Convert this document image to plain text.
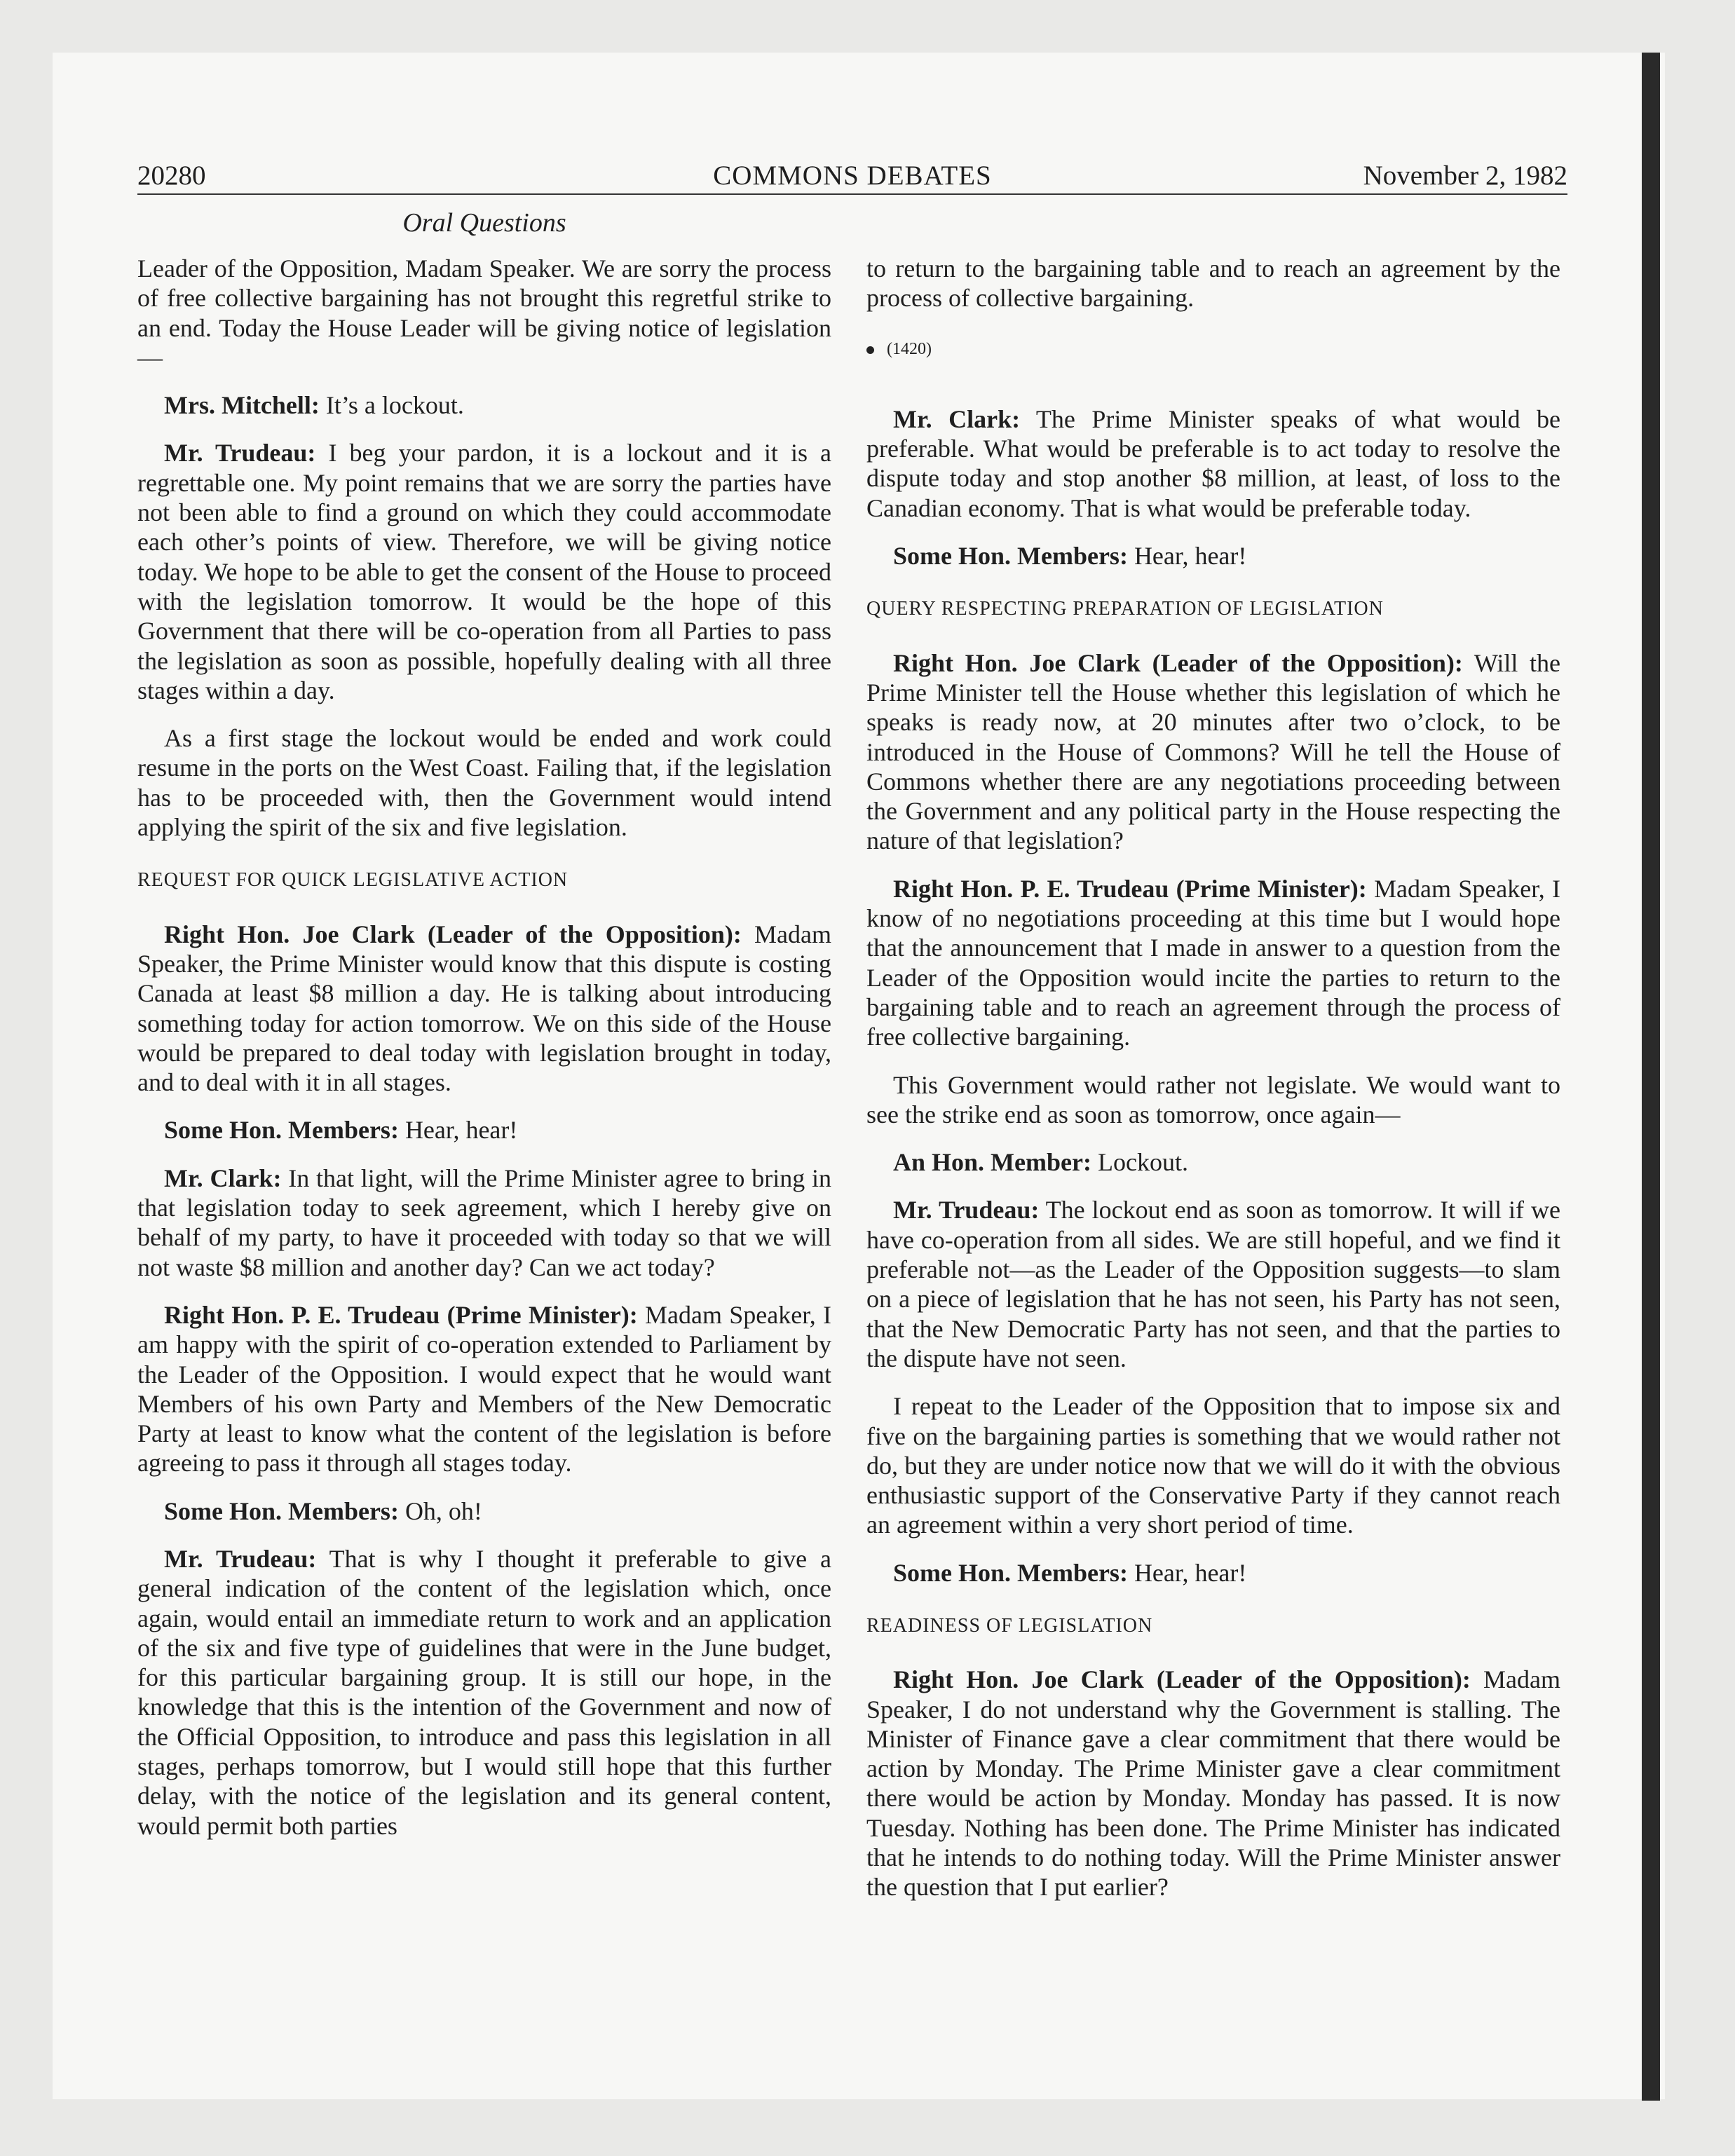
20280	COMMONS DEBATES	November 2, 1982
Oral Questions

Leader of the Opposition, Madam Speaker. We are sorry the process of free collective bargaining has not brought this regretful strike to an end. Today the House Leader will be giving notice of legislation—

Mrs. Mitchell: It’s a lockout.

Mr. Trudeau: I beg your pardon, it is a lockout and it is a regrettable one. My point remains that we are sorry the parties have not been able to find a ground on which they could accommodate each other’s points of view. Therefore, we will be giving notice today. We hope to be able to get the consent of the House to proceed with the legislation tomorrow. It would be the hope of this Government that there will be co-operation from all Parties to pass the legislation as soon as possible, hopefully dealing with all three stages within a day.

As a first stage the lockout would be ended and work could resume in the ports on the West Coast. Failing that, if the legislation has to be proceeded with, then the Government would intend applying the spirit of the six and five legislation.

REQUEST FOR QUICK LEGISLATIVE ACTION

Right Hon. Joe Clark (Leader of the Opposition): Madam Speaker, the Prime Minister would know that this dispute is costing Canada at least $8 million a day. He is talking about introducing something today for action tomorrow. We on this side of the House would be prepared to deal today with legislation brought in today, and to deal with it in all stages.

Some Hon. Members: Hear, hear!

Mr. Clark: In that light, will the Prime Minister agree to bring in that legislation today to seek agreement, which I hereby give on behalf of my party, to have it proceeded with today so that we will not waste $8 million and another day? Can we act today?

Right Hon. P. E. Trudeau (Prime Minister): Madam Speaker, I am happy with the spirit of co-operation extended to Parliament by the Leader of the Opposition. I would expect that he would want Members of his own Party and Members of the New Democratic Party at least to know what the content of the legislation is before agreeing to pass it through all stages today.

Some Hon. Members: Oh, oh!

Mr. Trudeau: That is why I thought it preferable to give a general indication of the content of the legislation which, once again, would entail an immediate return to work and an application of the six and five type of guidelines that were in the June budget, for this particular bargaining group. It is still our hope, in the knowledge that this is the intention of the Government and now of the Official Opposition, to introduce and pass this legislation in all stages, perhaps tomorrow, but I would still hope that this further delay, with the notice of the legislation and its general content, would permit both parties

to return to the bargaining table and to reach an agreement by the process of collective bargaining.

(1420)

Mr. Clark: The Prime Minister speaks of what would be preferable. What would be preferable is to act today to resolve the dispute today and stop another $8 million, at least, of loss to the Canadian economy. That is what would be preferable today.

Some Hon. Members: Hear, hear!

QUERY RESPECTING PREPARATION OF LEGISLATION

Right Hon. Joe Clark (Leader of the Opposition): Will the Prime Minister tell the House whether this legislation of which he speaks is ready now, at 20 minutes after two o’clock, to be introduced in the House of Commons? Will he tell the House of Commons whether there are any negotiations proceeding between the Government and any political party in the House respecting the nature of that legislation?

Right Hon. P. E. Trudeau (Prime Minister): Madam Speaker, I know of no negotiations proceeding at this time but I would hope that the announcement that I made in answer to a question from the Leader of the Opposition would incite the parties to return to the bargaining table and to reach an agreement through the process of free collective bargaining.

This Government would rather not legislate. We would want to see the strike end as soon as tomorrow, once again—

An Hon. Member: Lockout.

Mr. Trudeau: The lockout end as soon as tomorrow. It will if we have co-operation from all sides. We are still hopeful, and we find it preferable not—as the Leader of the Opposition suggests—to slam on a piece of legislation that he has not seen, his Party has not seen, that the New Democratic Party has not seen, and that the parties to the dispute have not seen.

I repeat to the Leader of the Opposition that to impose six and five on the bargaining parties is something that we would rather not do, but they are under notice now that we will do it with the obvious enthusiastic support of the Conservative Party if they cannot reach an agreement within a very short period of time.

Some Hon. Members: Hear, hear!

READINESS OF LEGISLATION

Right Hon. Joe Clark (Leader of the Opposition): Madam Speaker, I do not understand why the Government is stalling. The Minister of Finance gave a clear commitment that there would be action by Monday. The Prime Minister gave a clear commitment there would be action by Monday. Monday has passed. It is now Tuesday. Nothing has been done. The Prime Minister has indicated that he intends to do nothing today. Will the Prime Minister answer the question that I put earlier?
